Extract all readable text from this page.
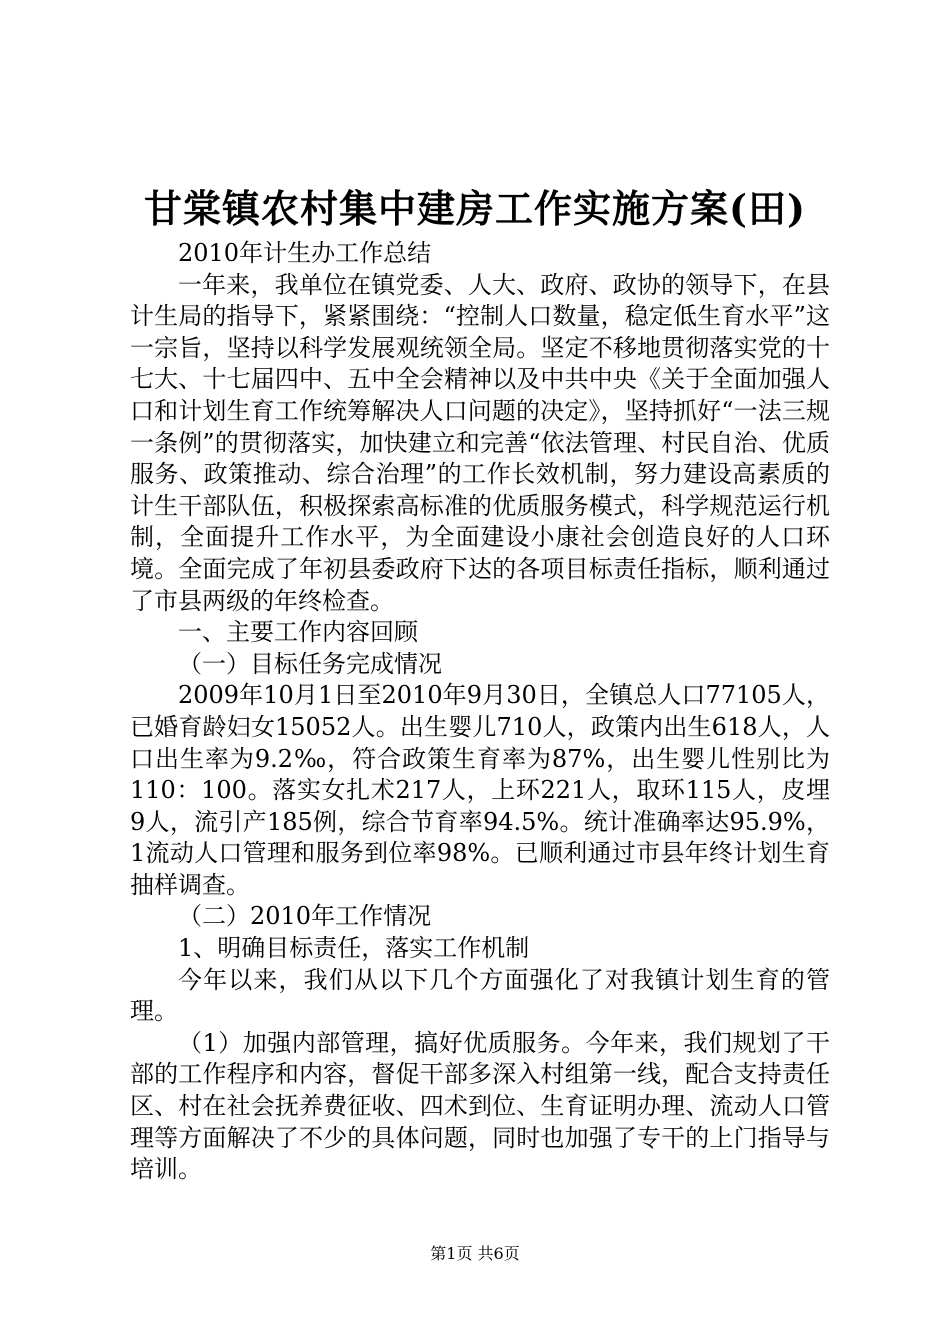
甘棠镇农村集中建房工作实施方案(田)

2010年计生办工作总结

一年来，我单位在镇党委、人大、政府、政协的领导下，在县计生局的指导下，紧紧围绕：“控制人口数量，稳定低生育水平”这一宗旨，坚持以科学发展观统领全局。坚定不移地贯彻落实党的十七大、十七届四中、五中全会精神以及中共中央《关于全面加强人口和计划生育工作统筹解决人口问题的决定》，坚持抓好“一法三规一条例”的贯彻落实，加快建立和完善“依法管理、村民自治、优质服务、政策推动、综合治理”的工作长效机制，努力建设高素质的计生干部队伍，积极探索高标准的优质服务模式，科学规范运行机制，全面提升工作水平，为全面建设小康社会创造良好的人口环境。全面完成了年初县委政府下达的各项目标责任指标，顺利通过了市县两级的年终检查。

一、主要工作内容回顾

（一）目标任务完成情况

2009年10月1日至2010年9月30日，全镇总人口77105人，已婚育龄妇女15052人。出生婴儿710人，政策内出生618人，人口出生率为9.2‰，符合政策生育率为87%，出生婴儿性别比为110：100。落实女扎术217人，上环221人，取环115人，皮埋9人，流引产185例，综合节育率94.5%。统计准确率达95.9%，1流动人口管理和服务到位率98%。已顺利通过市县年终计划生育抽样调查。

（二）2010年工作情况

1、明确目标责任，落实工作机制

今年以来，我们从以下几个方面强化了对我镇计划生育的管理。

（1）加强内部管理，搞好优质服务。今年来，我们规划了干部的工作程序和内容，督促干部多深入村组第一线，配合支持责任区、村在社会抚养费征收、四术到位、生育证明办理、流动人口管理等方面解决了不少的具体问题，同时也加强了专干的上门指导与培训。

第1页 共6页
